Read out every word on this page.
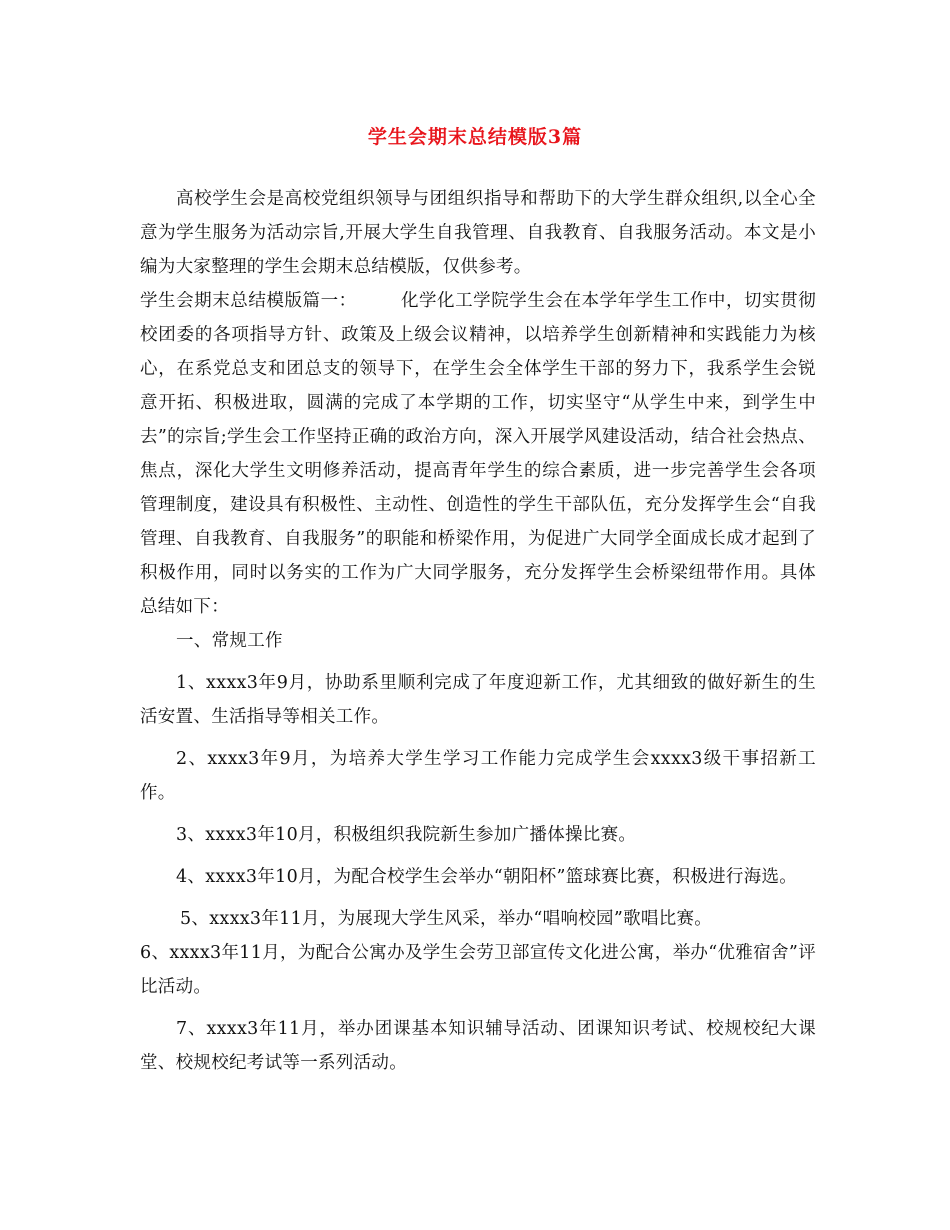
学生会期末总结模版3篇

高校学生会是高校党组织领导与团组织指导和帮助下的大学生群众组织,以全心全意为学生服务为活动宗旨,开展大学生自我管理、自我教育、自我服务活动。本文是小编为大家整理的学生会期末总结模版，仅供参考。

学生会期末总结模版篇一：	化学化工学院学生会在本学年学生工作中，切实贯彻校团委的各项指导方针、政策及上级会议精神，以培养学生创新精神和实践能力为核心，在系党总支和团总支的领导下，在学生会全体学生干部的努力下，我系学生会锐意开拓、积极进取，圆满的完成了本学期的工作，切实坚守“从学生中来，到学生中去”的宗旨;学生会工作坚持正确的政治方向，深入开展学风建设活动，结合社会热点、焦点，深化大学生文明修养活动，提高青年学生的综合素质，进一步完善学生会各项管理制度，建设具有积极性、主动性、创造性的学生干部队伍，充分发挥学生会“自我管理、自我教育、自我服务”的职能和桥梁作用，为促进广大同学全面成长成才起到了积极作用，同时以务实的工作为广大同学服务，充分发挥学生会桥梁纽带作用。具体总结如下：

一、常规工作

1、xxxx3年9月，协助系里顺利完成了年度迎新工作，尤其细致的做好新生的生活安置、生活指导等相关工作。

2、xxxx3年9月，为培养大学生学习工作能力完成学生会xxxx3级干事招新工作。

3、xxxx3年10月，积极组织我院新生参加广播体操比赛。

4、xxxx3年10月，为配合校学生会举办“朝阳杯”篮球赛比赛，积极进行海选。

5、xxxx3年11月，为展现大学生风采，举办“唱响校园”歌唱比赛。

6、xxxx3年11月，为配合公寓办及学生会劳卫部宣传文化进公寓，举办“优雅宿舍”评比活动。

7、xxxx3年11月，举办团课基本知识辅导活动、团课知识考试、校规校纪大课堂、校规校纪考试等一系列活动。
